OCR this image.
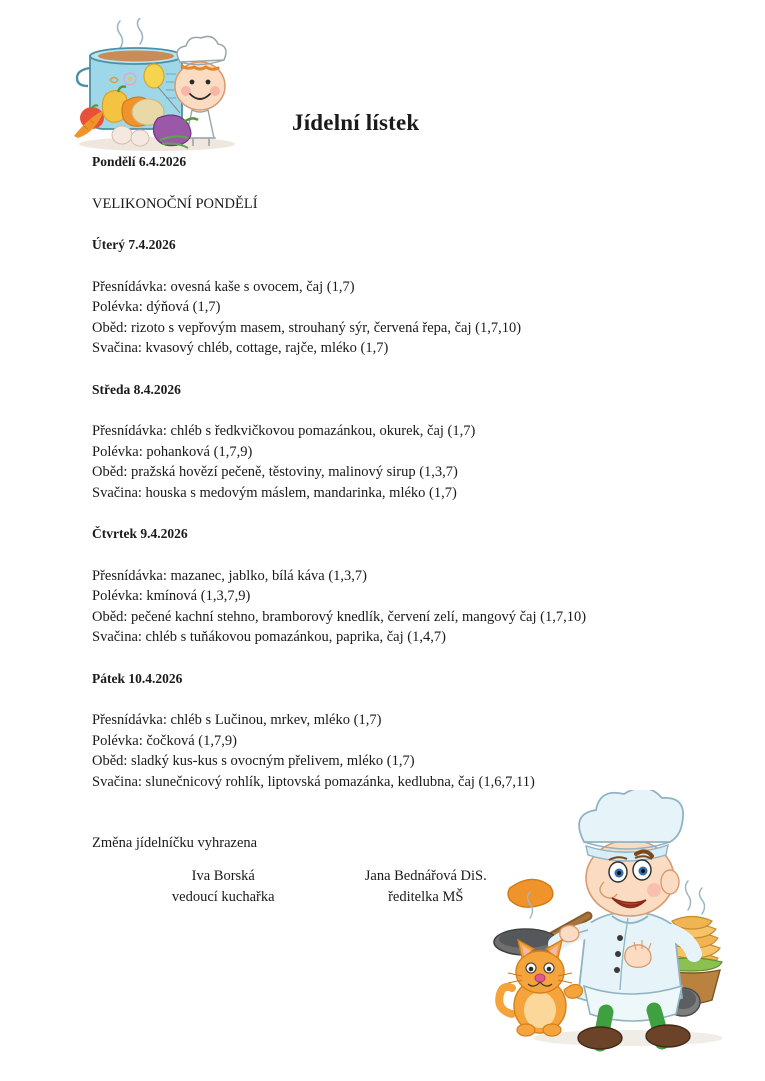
Jídelní lístek

Pondělí 6.4.2026

VELIKONOČNÍ PONDĚLÍ

Úterý 7.4.2026

Přesnídávka: ovesná kaše s ovocem, čaj (1,7)

Polévka: dýňová (1,7)

Oběd: rizoto s vepřovým masem, strouhaný sýr, červená řepa, čaj (1,7,10)

Svačina: kvasový chléb, cottage, rajče, mléko (1,7)

Středa 8.4.2026

Přesnídávka: chléb s ředkvičkovou pomazánkou, okurek, čaj (1,7)

Polévka: pohanková (1,7,9)

Oběd: pražská hovězí pečeně, těstoviny, malinový sirup (1,3,7)

Svačina: houska s medovým máslem, mandarinka, mléko (1,7)

Čtvrtek 9.4.2026

Přesnídávka: mazanec, jablko, bílá káva (1,3,7)

Polévka: kmínová (1,3,7,9)

Oběd: pečené kachní stehno, bramborový knedlík, červení zelí, mangový čaj (1,7,10)

Svačina: chléb s tuňákovou pomazánkou, paprika, čaj (1,4,7)

Pátek 10.4.2026

Přesnídávka: chléb s Lučinou, mrkev, mléko (1,7)

Polévka: čočková (1,7,9)

Oběd: sladký kus-kus s ovocným přelivem, mléko (1,7)

Svačina: slunečnicový rohlík, liptovská pomazánka, kedlubna, čaj (1,6,7,11)

Změna jídelníčku vyhrazena

Iva Borská

vedoucí kuchařka

Jana Bednářová DiS.

ředitelka MŠ
